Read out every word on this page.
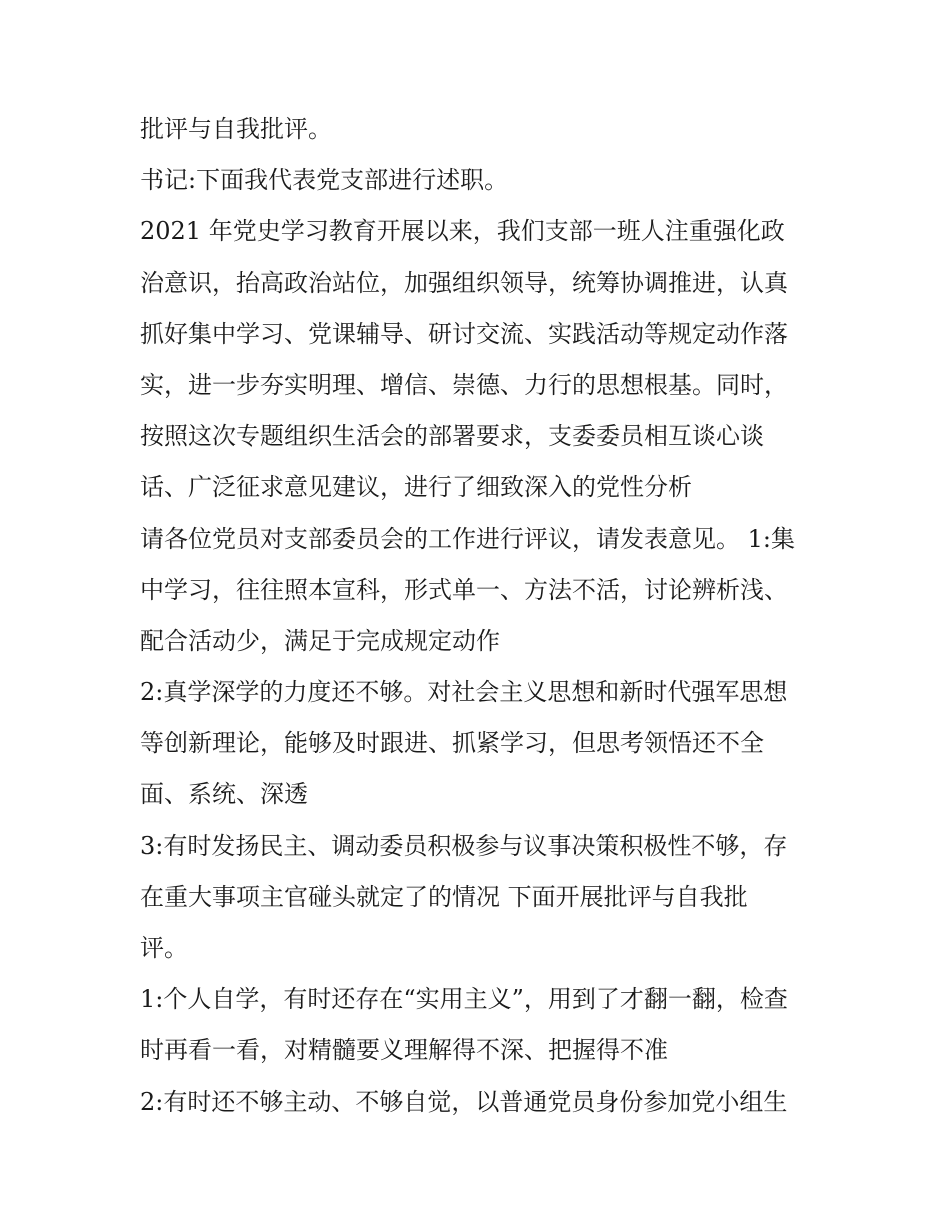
批评与自我批评。
书记:下面我代表党支部进行述职。
2021 年党史学习教育开展以来，我们支部一班人注重强化政
治意识，抬高政治站位，加强组织领导，统筹协调推进，认真
抓好集中学习、党课辅导、研讨交流、实践活动等规定动作落
实，进一步夯实明理、增信、崇德、力行的思想根基。同时，
按照这次专题组织生活会的部署要求，支委委员相互谈心谈
话、广泛征求意见建议，进行了细致深入的党性分析
请各位党员对支部委员会的工作进行评议，请发表意见。 1:集
中学习，往往照本宣科，形式单一、方法不活，讨论辨析浅、
配合活动少，满足于完成规定动作
2:真学深学的力度还不够。对社会主义思想和新时代强军思想
等创新理论，能够及时跟进、抓紧学习，但思考领悟还不全
面、系统、深透
3:有时发扬民主、调动委员积极参与议事决策积极性不够，存
在重大事项主官碰头就定了的情况 下面开展批评与自我批
评。
1:个人自学，有时还存在“实用主义”，用到了才翻一翻，检查
时再看一看，对精髓要义理解得不深、把握得不准
2:有时还不够主动、不够自觉，以普通党员身份参加党小组生
